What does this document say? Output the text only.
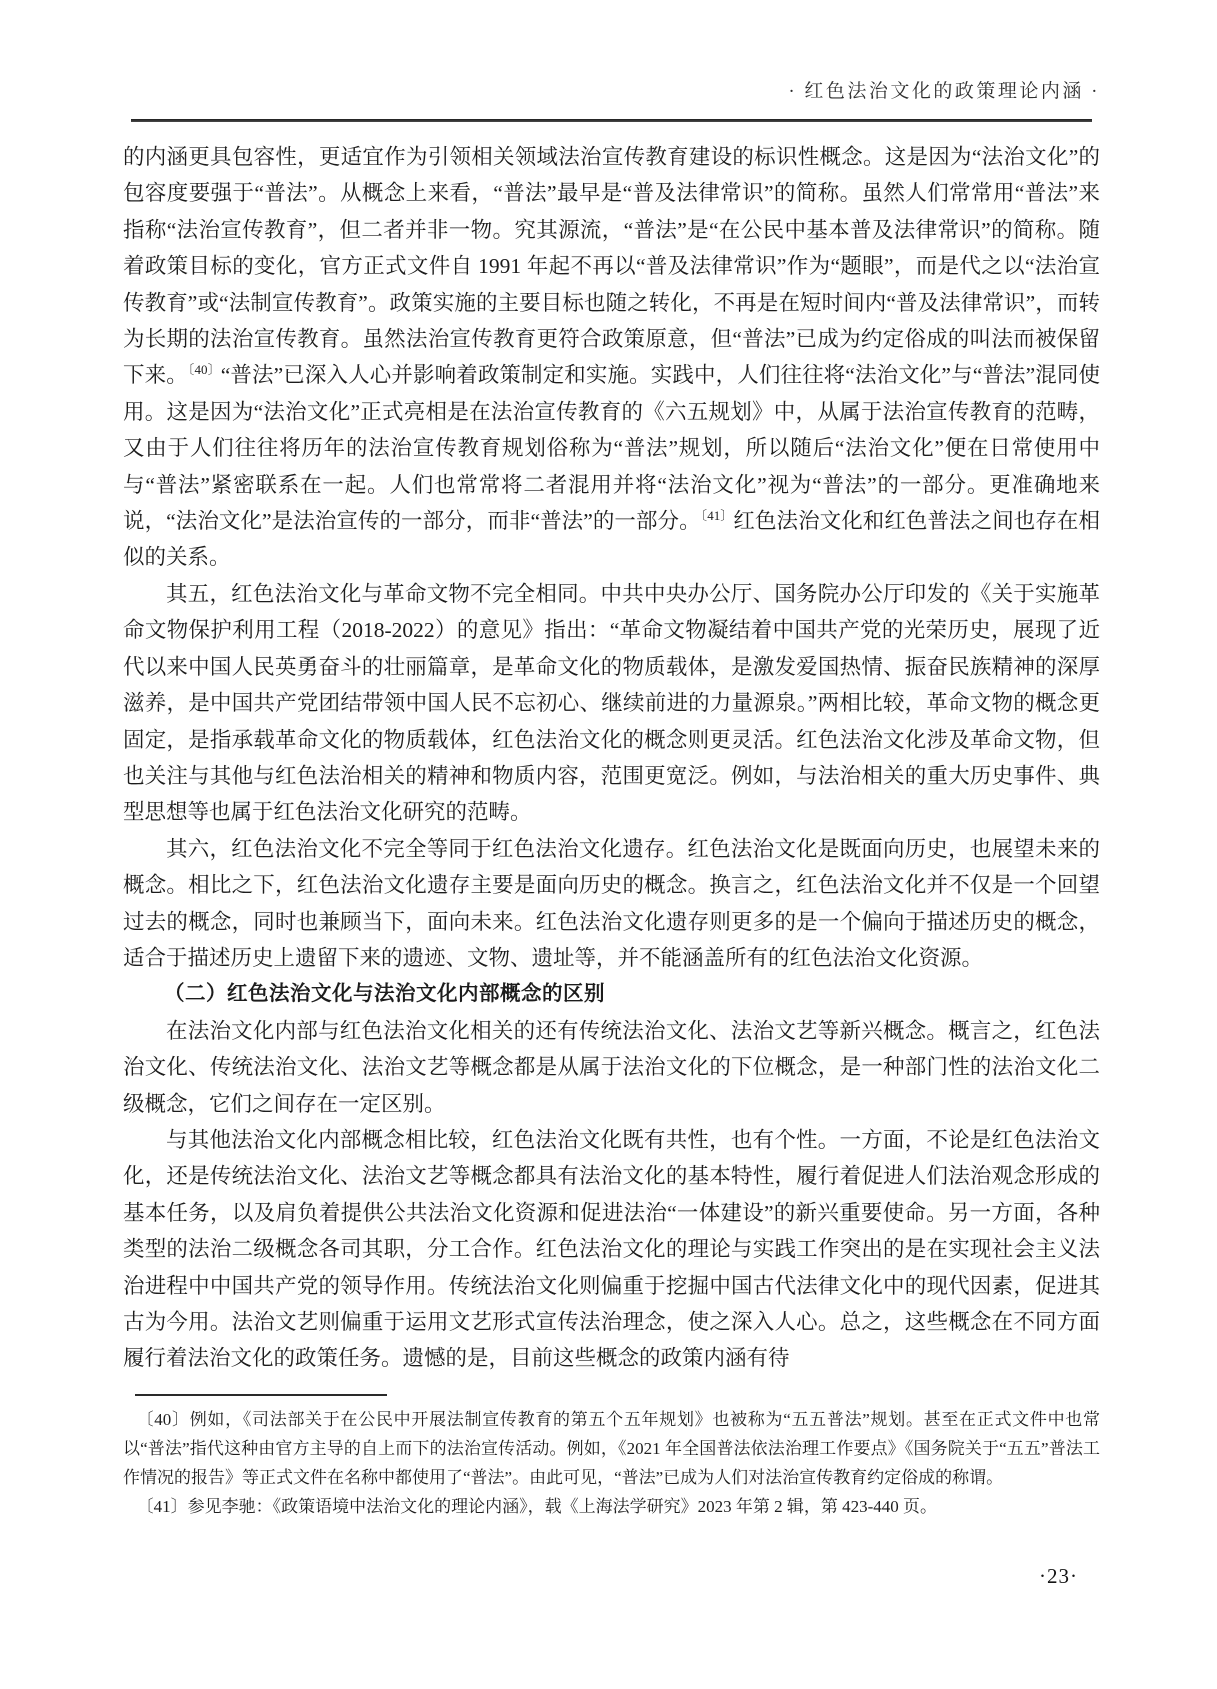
· 红色法治文化的政策理论内涵 ·

的内涵更具包容性，更适宜作为引领相关领域法治宣传教育建设的标识性概念。这是因为“法治文化”的包容度要强于“普法”。从概念上来看，“普法”最早是“普及法律常识”的简称。虽然人们常常用“普法”来指称“法治宣传教育”，但二者并非一物。究其源流，“普法”是“在公民中基本普及法律常识”的简称。随着政策目标的变化，官方正式文件自 1991 年起不再以“普及法律常识”作为“题眼”，而是代之以“法治宣传教育”或“法制宣传教育”。政策实施的主要目标也随之转化，不再是在短时间内“普及法律常识”，而转为长期的法治宣传教育。虽然法治宣传教育更符合政策原意，但“普法”已成为约定俗成的叫法而被保留下来。$^{〔40〕}$“普法”已深入人心并影响着政策制定和实施。实践中，人们往往将“法治文化”与“普法”混同使用。这是因为“法治文化”正式亮相是在法治宣传教育的《六五规划》中，从属于法治宣传教育的范畴，又由于人们往往将历年的法治宣传教育规划俗称为“普法”规划，所以随后“法治文化”便在日常使用中与“普法”紧密联系在一起。人们也常常将二者混用并将“法治文化”视为“普法”的一部分。更准确地来说，“法治文化”是法治宣传的一部分，而非“普法”的一部分。$^{〔41〕}$红色法治文化和红色普法之间也存在相似的关系。

其五，红色法治文化与革命文物不完全相同。中共中央办公厅、国务院办公厅印发的《关于实施革命文物保护利用工程（2018-2022）的意见》指出：“革命文物凝结着中国共产党的光荣历史，展现了近代以来中国人民英勇奋斗的壮丽篇章，是革命文化的物质载体，是激发爱国热情、振奋民族精神的深厚滋养，是中国共产党团结带领中国人民不忘初心、继续前进的力量源泉。”两相比较，革命文物的概念更固定，是指承载革命文化的物质载体，红色法治文化的概念则更灵活。红色法治文化涉及革命文物，但也关注与其他与红色法治相关的精神和物质内容，范围更宽泛。例如，与法治相关的重大历史事件、典型思想等也属于红色法治文化研究的范畴。

其六，红色法治文化不完全等同于红色法治文化遗存。红色法治文化是既面向历史，也展望未来的概念。相比之下，红色法治文化遗存主要是面向历史的概念。换言之，红色法治文化并不仅是一个回望过去的概念，同时也兼顾当下，面向未来。红色法治文化遗存则更多的是一个偏向于描述历史的概念，适合于描述历史上遗留下来的遗迹、文物、遗址等，并不能涵盖所有的红色法治文化资源。

（二）红色法治文化与法治文化内部概念的区别

在法治文化内部与红色法治文化相关的还有传统法治文化、法治文艺等新兴概念。概言之，红色法治文化、传统法治文化、法治文艺等概念都是从属于法治文化的下位概念，是一种部门性的法治文化二级概念，它们之间存在一定区别。

与其他法治文化内部概念相比较，红色法治文化既有共性，也有个性。一方面，不论是红色法治文化，还是传统法治文化、法治文艺等概念都具有法治文化的基本特性，履行着促进人们法治观念形成的基本任务，以及肩负着提供公共法治文化资源和促进法治“一体建设”的新兴重要使命。另一方面，各种类型的法治二级概念各司其职，分工合作。红色法治文化的理论与实践工作突出的是在实现社会主义法治进程中中国共产党的领导作用。传统法治文化则偏重于挖掘中国古代法律文化中的现代因素，促进其古为今用。法治文艺则偏重于运用文艺形式宣传法治理念，使之深入人心。总之，这些概念在不同方面履行着法治文化的政策任务。遗憾的是，目前这些概念的政策内涵有待

〔40〕例如，《司法部关于在公民中开展法制宣传教育的第五个五年规划》也被称为“五五普法”规划。甚至在正式文件中也常以“普法”指代这种由官方主导的自上而下的法治宣传活动。例如，《2021 年全国普法依法治理工作要点》《国务院关于“五五”普法工作情况的报告》等正式文件在名称中都使用了“普法”。由此可见，“普法”已成为人们对法治宣传教育约定俗成的称谓。

〔41〕参见李驰：《政策语境中法治文化的理论内涵》，载《上海法学研究》2023 年第 2 辑，第 423-440 页。

·23·
